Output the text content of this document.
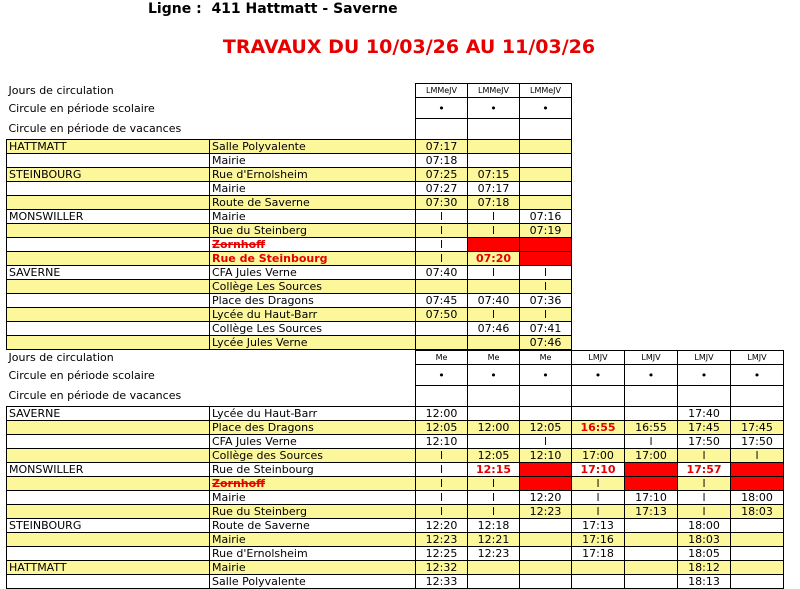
Ligne : 411 Hattmatt - Saverne
TRAVAUX DU 10/03/26 AU 11/03/26
Jours de circulation		LMMeJV	LMMeJV	LMMeJV
Circule en période scolaire		•	•	•
Circule en période de vacances				
HATTMATT	Salle Polyvalente	07:17		
	Mairie	07:18		
STEINBOURG	Rue d'Ernolsheim	07:25	07:15	
	Mairie	07:27	07:17	
	Route de Saverne	07:30	07:18	
MONSWILLER	Mairie	l	l	07:16
	Rue du Steinberg	l	l	07:19
	Zornhoff	l		
	Rue de Steinbourg	l	07:20	
SAVERNE	CFA Jules Verne	07:40	l	l
	Collège Les Sources			l
	Place des Dragons	07:45	07:40	07:36
	Lycée du Haut-Barr	07:50	l	l
	Collège Les Sources		07:46	07:41
	Lycée Jules Verne			07:46
Jours de circulation		Me	Me	Me	LMJV	LMJV	LMJV	LMJV
Circule en période scolaire		•	•	•	•	•	•	•
Circule en période de vacances								
SAVERNE	Lycée du Haut-Barr	12:00					17:40	
	Place des Dragons	12:05	12:00	12:05	16:55	16:55	17:45	17:45
	CFA Jules Verne	12:10		l		l	17:50	17:50
	Collège des Sources	l	12:05	12:10	17:00	17:00	l	l
MONSWILLER	Rue de Steinbourg	l	12:15		17:10		17:57	
	Zornhoff	l	l		l		l	
	Mairie	l	l	12:20	l	17:10	l	18:00
	Rue du Steinberg	l	l	12:23	l	17:13	l	18:03
STEINBOURG	Route de Saverne	12:20	12:18		17:13		18:00	
	Mairie	12:23	12:21		17:16		18:03	
	Rue d'Ernolsheim	12:25	12:23		17:18		18:05	
HATTMATT	Mairie	12:32					18:12	
	Salle Polyvalente	12:33					18:13	
